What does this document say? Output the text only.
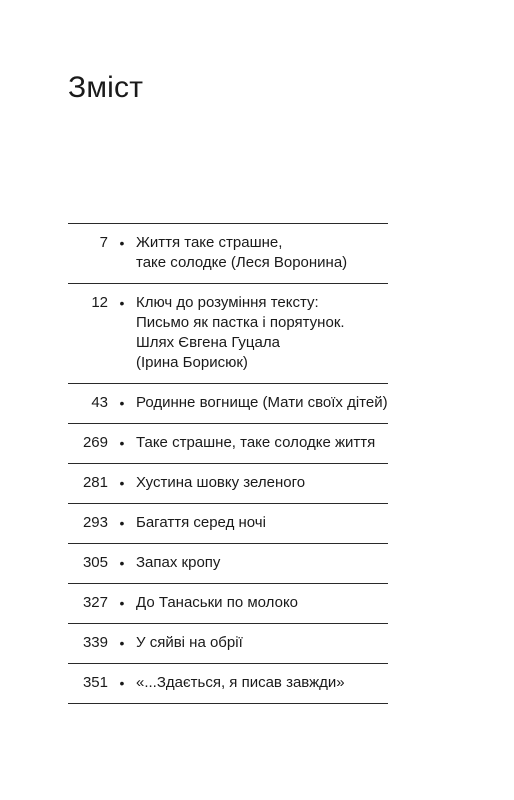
Зміст
7 • Життя таке страшне,
таке солодке (Леся Воронина)
12 • Ключ до розуміння тексту:
Письмо як пастка і порятунок.
Шлях Євгена Гуцала
(Ірина Борисюк)
43 • Родинне вогнище (Мати своїх дітей)
269 • Таке страшне, таке солодке життя
281 • Хустина шовку зеленого
293 • Багаття серед ночі
305 • Запах кропу
327 • До Танаськи по молоко
339 • У сяйві на обрії
351 • «...Здається, я писав завжди»
